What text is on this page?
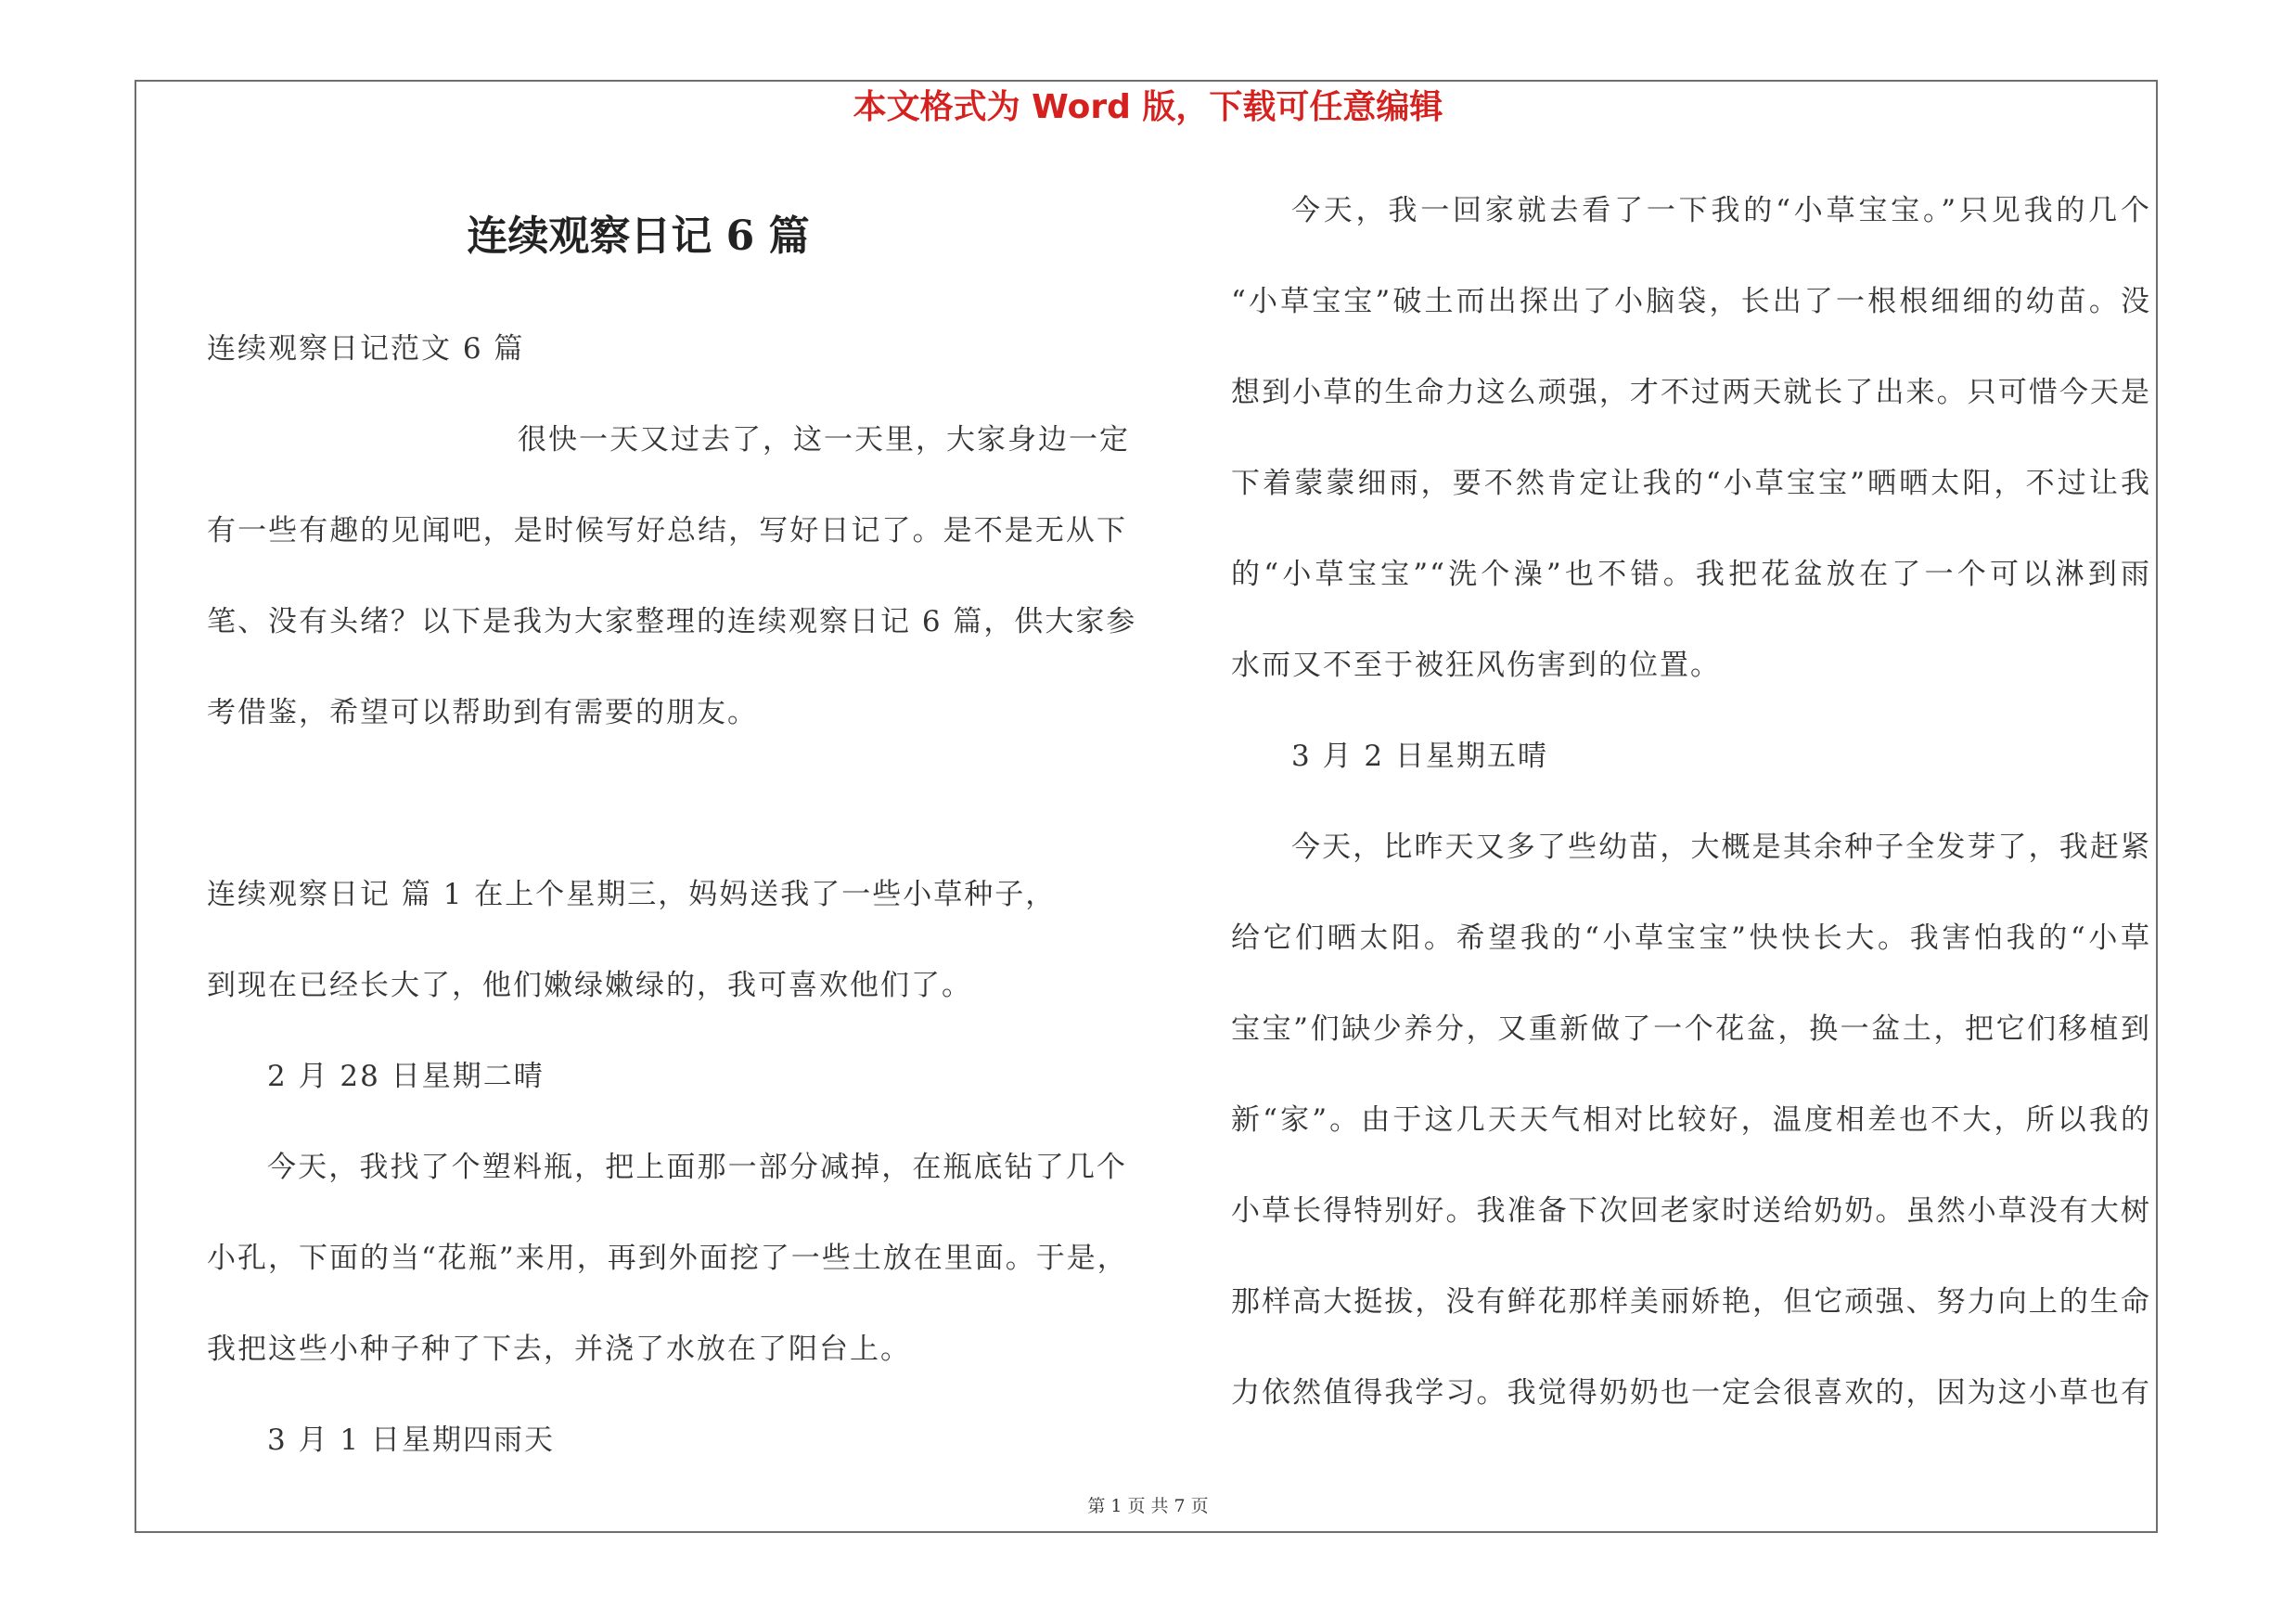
本文格式为 Word 版，下载可任意编辑
连续观察日记 6 篇
连续观察日记范文 6 篇
很快一天又过去了，这一天里，大家身边一定
有一些有趣的见闻吧，是时候写好总结，写好日记了。是不是无从下
笔、没有头绪？以下是我为大家整理的连续观察日记 6 篇，供大家参
考借鉴，希望可以帮助到有需要的朋友。
连续观察日记 篇 1 在上个星期三，妈妈送我了一些小草种子，
到现在已经长大了，他们嫩绿嫩绿的，我可喜欢他们了。
2 月 28 日星期二晴
今天，我找了个塑料瓶，把上面那一部分减掉，在瓶底钻了几个
小孔，下面的当“花瓶”来用，再到外面挖了一些土放在里面。于是，
我把这些小种子种了下去，并浇了水放在了阳台上。
3 月 1 日星期四雨天
今天，我一回家就去看了一下我的“小草宝宝。”只见我的几个
“小草宝宝”破土而出探出了小脑袋，长出了一根根细细的幼苗。没
想到小草的生命力这么顽强，才不过两天就长了出来。只可惜今天是
下着蒙蒙细雨，要不然肯定让我的“小草宝宝”晒晒太阳，不过让我
的“小草宝宝”“洗个澡”也不错。我把花盆放在了一个可以淋到雨
水而又不至于被狂风伤害到的位置。
3 月 2 日星期五晴
今天，比昨天又多了些幼苗，大概是其余种子全发芽了，我赶紧
给它们晒太阳。希望我的“小草宝宝”快快长大。我害怕我的“小草
宝宝”们缺少养分，又重新做了一个花盆，换一盆土，把它们移植到
新“家”。由于这几天天气相对比较好，温度相差也不大，所以我的
小草长得特别好。我准备下次回老家时送给奶奶。虽然小草没有大树
那样高大挺拔，没有鲜花那样美丽娇艳，但它顽强、努力向上的生命
力依然值得我学习。我觉得奶奶也一定会很喜欢的，因为这小草也有
第 1 页 共 7 页
